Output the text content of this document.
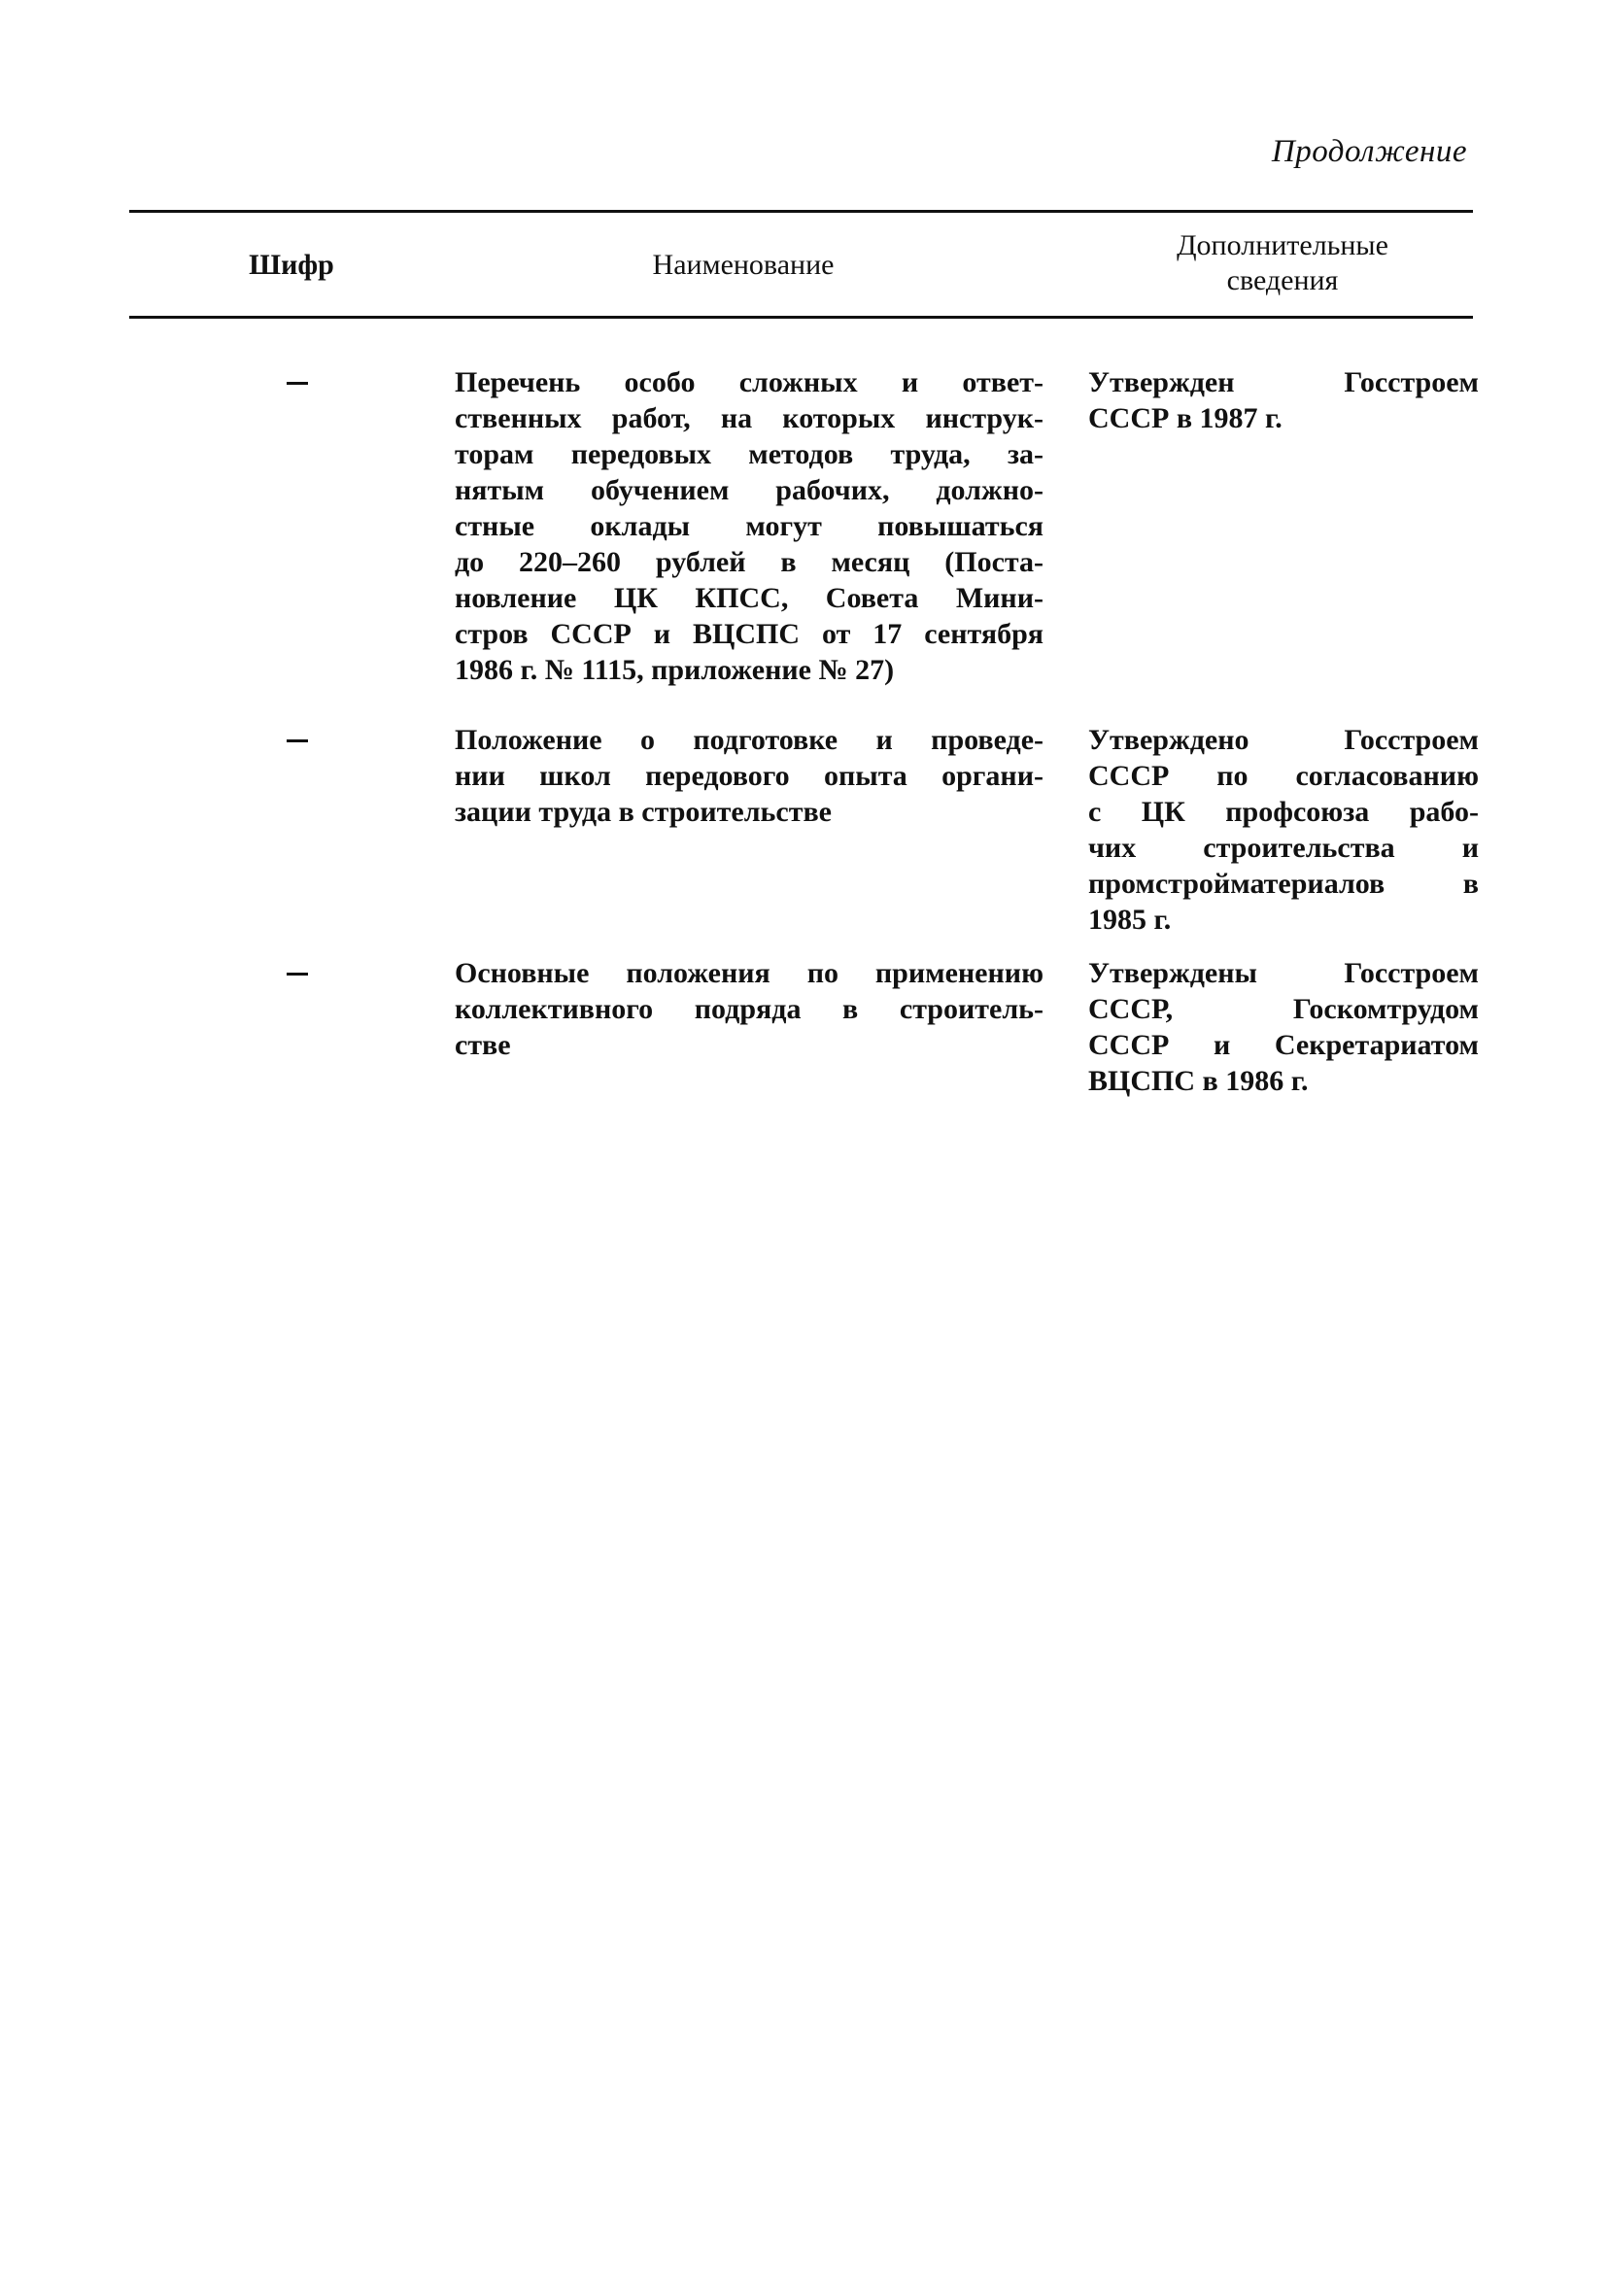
Продолжение
Шифр	Наименование
Дополнительные
сведения
Перечень особо сложных и ответ-
ственных работ, на которых инструк-
торам передовых методов труда, за-
нятым обучением рабочих, должно-
стные оклады могут повышаться
до 220–260 рублей в месяц (Поста-
новление ЦК КПСС, Совета Мини-
стров СССР и ВЦСПС от 17 сентября
1986 г. № 1115, приложение № 27)
Утвержден Госстроем
СССР в 1987 г.
Положение о подготовке и проведе-
нии школ передового опыта органи-
зации труда в строительстве
Утверждено Госстроем
СССР по согласованию
с ЦК профсоюза рабо-
чих строительства и
промстройматериалов в
1985 г.
Основные положения по применению
коллективного подряда в строитель-
стве
Утверждены Госстроем
СССР, Госкомтрудом
СССР и Секретариатом
ВЦСПС в 1986 г.
